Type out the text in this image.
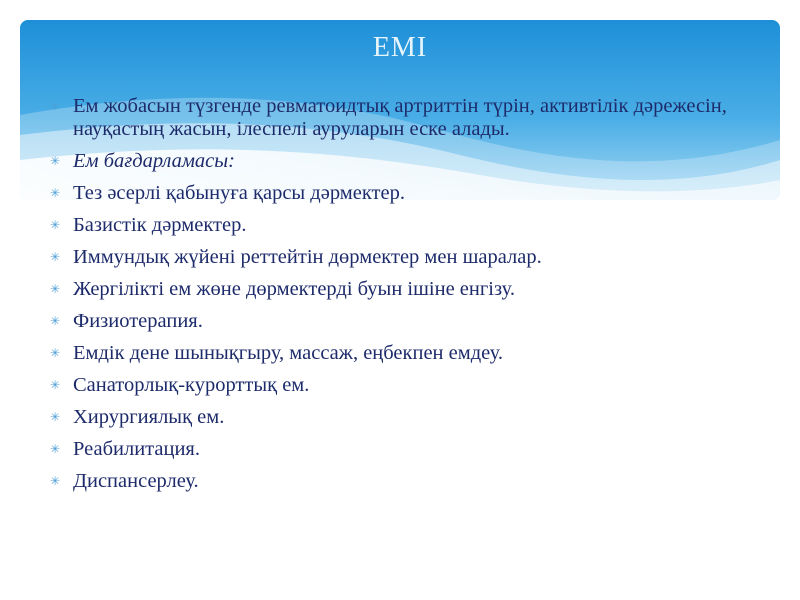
ЕМІ
✳ Ем жобасын түзгенде ревматоидтық артриттін түрін, активтілік дәрежесін, науқастың жасын, ілеспелі ауруларын еске алады.
✳ Ем бағдарламасы:
✳ Тез әсерлі қабынуға қарсы дәрмектер.
✳ Базистік дәрмектер.
✳ Иммундық жүйені реттейтін дөрмектер мен шаралар.
✳ Жергілікті ем жөне дөрмектерді буын ішіне енгізу.
✳ Физиотерапия.
✳ Емдік дене шынықгыру, массаж, еңбекпен емдеу.
✳ Санаторлық-курорттық ем.
✳ Хирургиялық ем.
✳ Реабилитация.
✳ Диспансерлеу.
